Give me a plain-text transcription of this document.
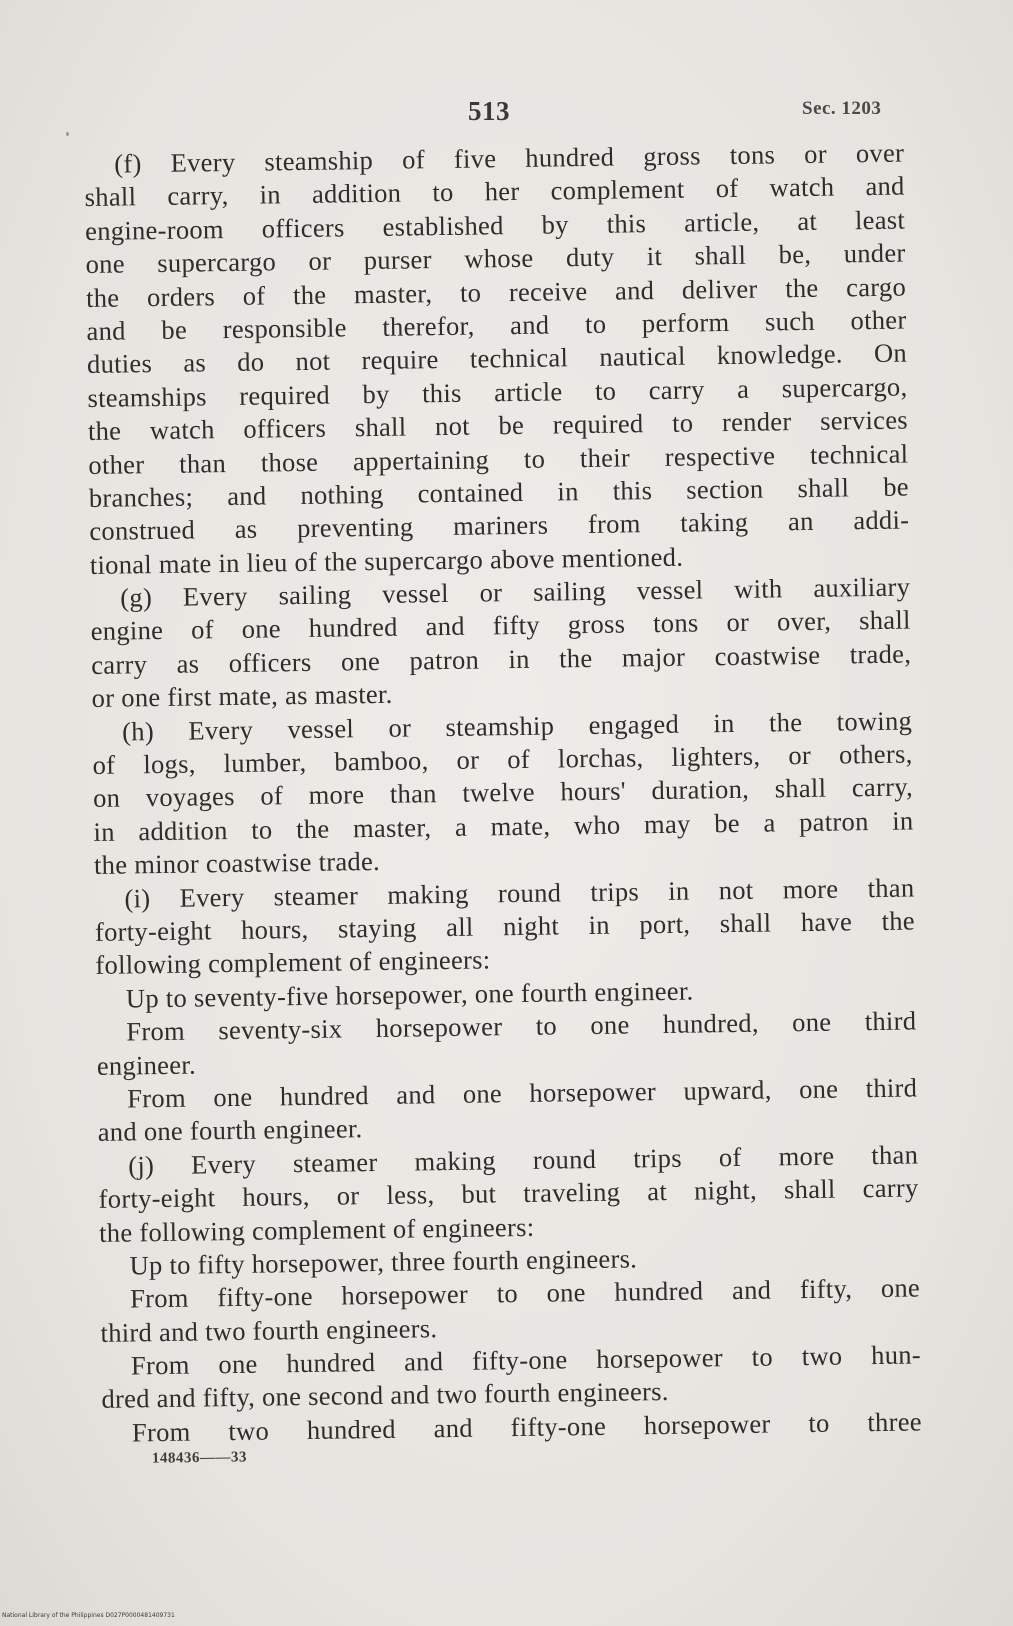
513	Sec. 1203
(f) Every steamship of five hundred gross tons or over
shall carry, in addition to her complement of watch and
engine-room officers established by this article, at least
one supercargo or purser whose duty it shall be, under
the orders of the master, to receive and deliver the cargo
and be responsible therefor, and to perform such other
duties as do not require technical nautical knowledge. On
steamships required by this article to carry a supercargo,
the watch officers shall not be required to render services
other than those appertaining to their respective technical
branches; and nothing contained in this section shall be
construed as preventing mariners from taking an addi-
tional mate in lieu of the supercargo above mentioned.
(g) Every sailing vessel or sailing vessel with auxiliary
engine of one hundred and fifty gross tons or over, shall
carry as officers one patron in the major coastwise trade,
or one first mate, as master.
(h) Every vessel or steamship engaged in the towing
of logs, lumber, bamboo, or of lorchas, lighters, or others,
on voyages of more than twelve hours' duration, shall carry,
in addition to the master, a mate, who may be a patron in
the minor coastwise trade.
(i) Every steamer making round trips in not more than
forty-eight hours, staying all night in port, shall have the
following complement of engineers:
Up to seventy-five horsepower, one fourth engineer.
From seventy-six horsepower to one hundred, one third
engineer.
From one hundred and one horsepower upward, one third
and one fourth engineer.
(j) Every steamer making round trips of more than
forty-eight hours, or less, but traveling at night, shall carry
the following complement of engineers:
Up to fifty horsepower, three fourth engineers.
From fifty-one horsepower to one hundred and fifty, one
third and two fourth engineers.
From one hundred and fifty-one horsepower to two hun-
dred and fifty, one second and two fourth engineers.
From two hundred and fifty-one horsepower to three
148436——33
National Library of the Philippines D027P0000481409731
